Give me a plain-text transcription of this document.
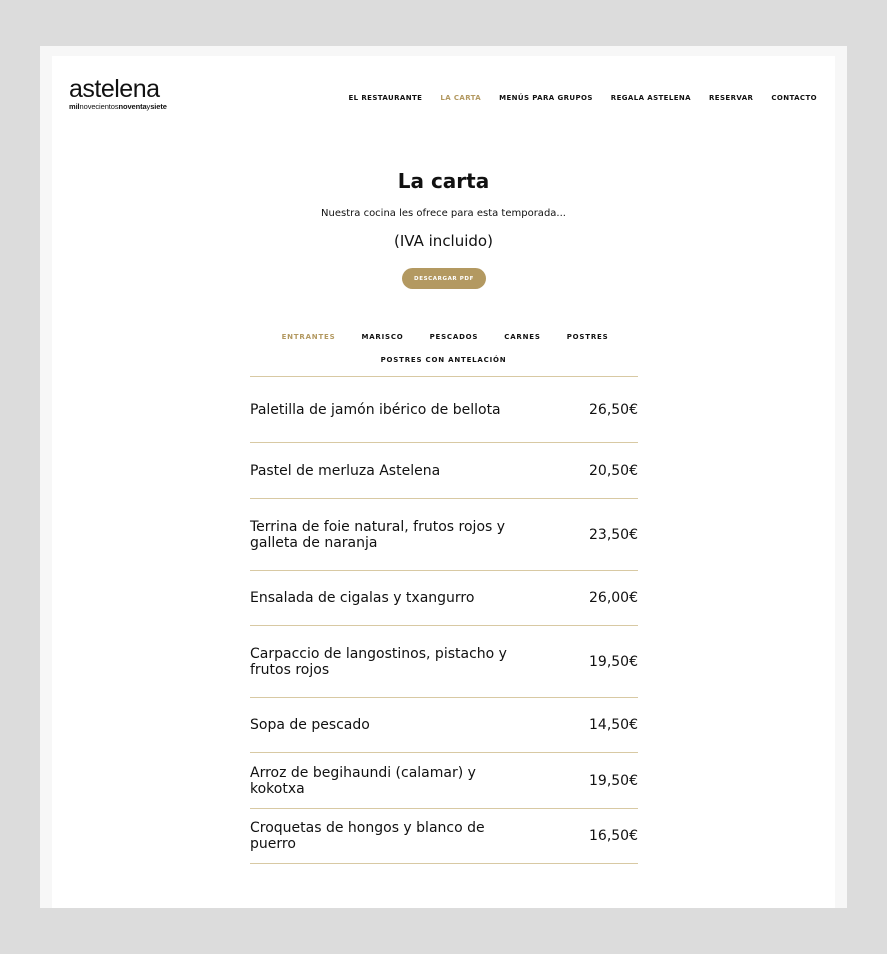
astelena
milnovecientosnoventaysiete
EL RESTAURANTE	LA CARTA	MENÚS PARA GRUPOS	REGALA ASTELENA	RESERVAR	CONTACTO
La carta
Nuestra cocina les ofrece para esta temporada...
(IVA incluido)
DESCARGAR PDF
ENTRANTES	MARISCO	PESCADOS	CARNES	POSTRES
POSTRES CON ANTELACIÓN
Paletilla de jamón ibérico de bellota	26,50€
Pastel de merluza Astelena	20,50€
Terrina de foie natural, frutos rojos y galleta de naranja	23,50€
Ensalada de cigalas y txangurro	26,00€
Carpaccio de langostinos, pistacho y frutos rojos	19,50€
Sopa de pescado	14,50€
Arroz de begihaundi (calamar) y kokotxa	19,50€
Croquetas de hongos y blanco de puerro	16,50€
